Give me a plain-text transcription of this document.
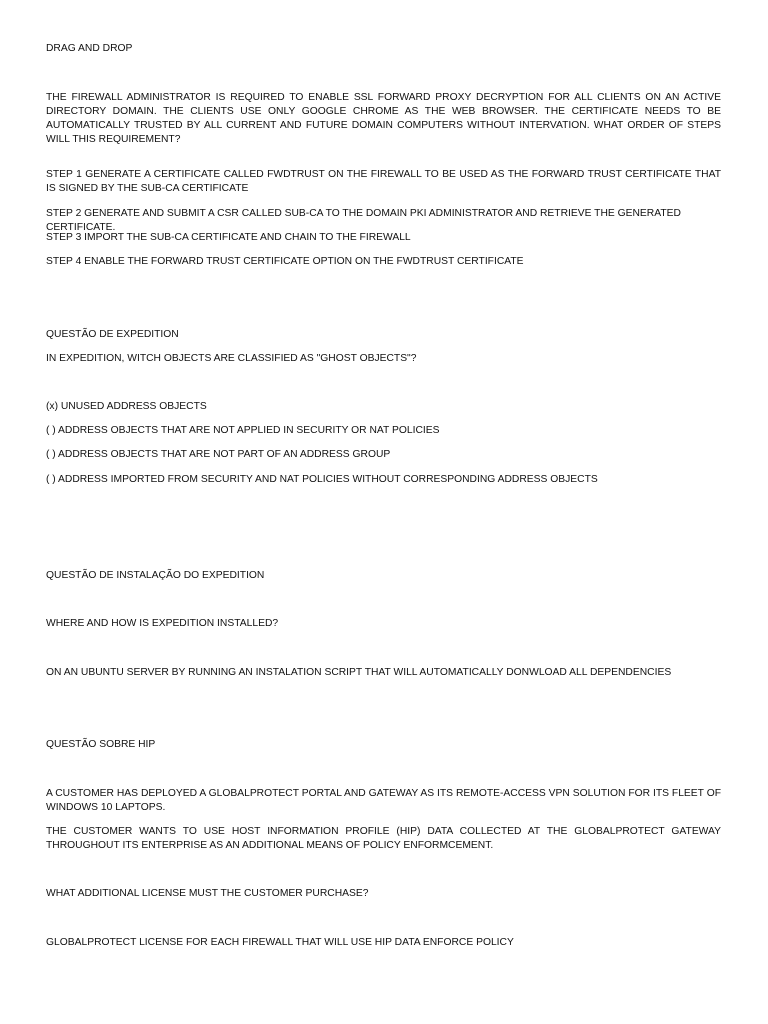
DRAG AND DROP

THE FIREWALL ADMINISTRATOR IS REQUIRED TO ENABLE SSL FORWARD PROXY DECRYPTION FOR ALL CLIENTS ON AN ACTIVE DIRECTORY DOMAIN. THE CLIENTS USE ONLY GOOGLE CHROME AS THE WEB BROWSER. THE CERTIFICATE NEEDS TO BE AUTOMATICALLY TRUSTED BY ALL CURRENT AND FUTURE DOMAIN COMPUTERS WITHOUT INTERVATION. WHAT ORDER OF STEPS WILL THIS REQUIREMENT?

STEP 1 GENERATE A CERTIFICATE CALLED FWDTRUST ON THE FIREWALL TO BE USED AS THE FORWARD TRUST CERTIFICATE THAT IS SIGNED BY THE SUB-CA CERTIFICATE

STEP 2 GENERATE AND SUBMIT A CSR CALLED SUB-CA TO THE DOMAIN PKI ADMINISTRATOR AND RETRIEVE THE GENERATED CERTIFICATE.

STEP 3 IMPORT THE SUB-CA CERTIFICATE AND CHAIN TO THE FIREWALL

STEP 4 ENABLE THE FORWARD TRUST CERTIFICATE OPTION ON THE FWDTRUST CERTIFICATE

QUESTÃO DE EXPEDITION

IN EXPEDITION, WITCH OBJECTS ARE CLASSIFIED AS "GHOST OBJECTS"?

(x) UNUSED ADDRESS OBJECTS

( ) ADDRESS OBJECTS THAT ARE NOT APPLIED IN SECURITY OR NAT POLICIES

( ) ADDRESS OBJECTS THAT ARE NOT PART OF AN ADDRESS GROUP

( ) ADDRESS IMPORTED FROM SECURITY AND NAT POLICIES WITHOUT CORRESPONDING ADDRESS OBJECTS

QUESTÃO DE INSTALAÇÃO DO EXPEDITION

WHERE AND HOW IS EXPEDITION INSTALLED?

ON AN UBUNTU SERVER BY RUNNING AN INSTALATION SCRIPT THAT WILL AUTOMATICALLY DONWLOAD ALL DEPENDENCIES

QUESTÃO SOBRE HIP

A CUSTOMER HAS DEPLOYED A GLOBALPROTECT PORTAL AND GATEWAY AS ITS REMOTE-ACCESS VPN SOLUTION FOR ITS FLEET OF WINDOWS 10 LAPTOPS.

THE CUSTOMER WANTS TO USE HOST INFORMATION PROFILE (HIP) DATA COLLECTED AT THE GLOBALPROTECT GATEWAY THROUGHOUT ITS ENTERPRISE AS AN ADDITIONAL MEANS OF POLICY ENFORMCEMENT.

WHAT ADDITIONAL LICENSE MUST THE CUSTOMER PURCHASE?

GLOBALPROTECT LICENSE FOR EACH FIREWALL THAT WILL USE HIP DATA ENFORCE POLICY
